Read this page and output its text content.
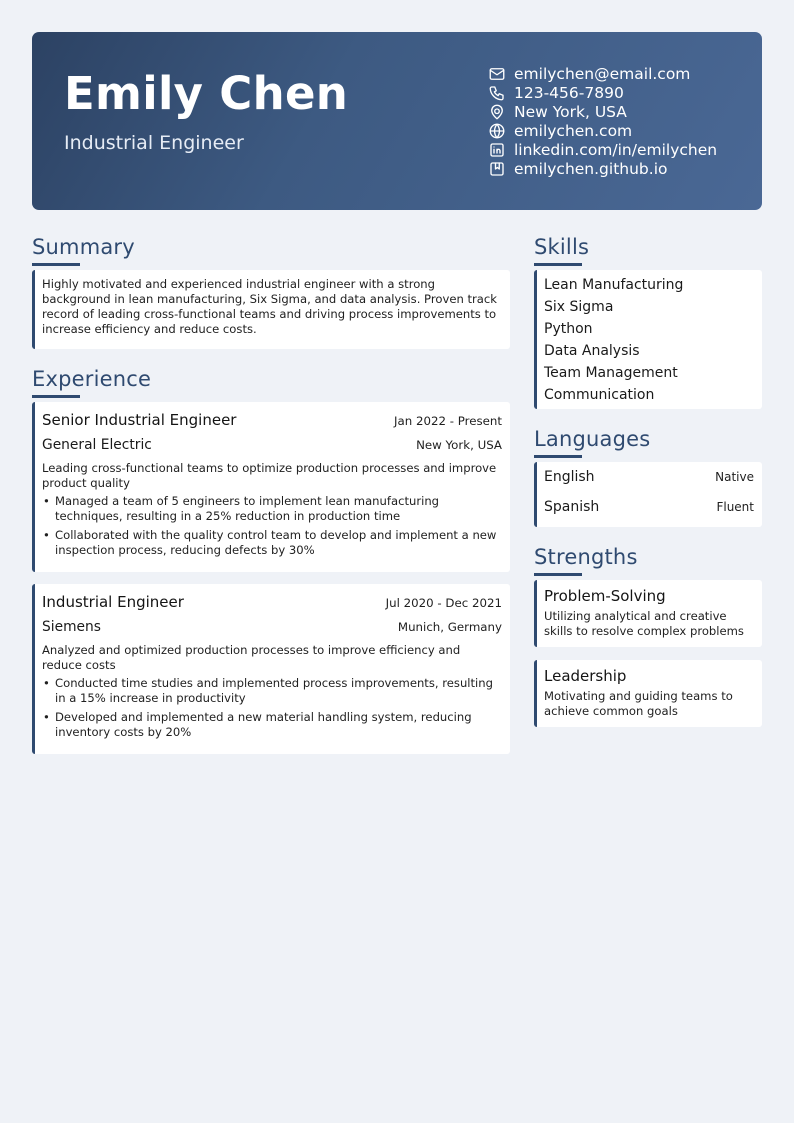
Emily Chen
Industrial Engineer
emilychen@email.com
123-456-7890
New York, USA
emilychen.com
linkedin.com/in/emilychen
emilychen.github.io
Summary
Highly motivated and experienced industrial engineer with a strong background in lean manufacturing, Six Sigma, and data analysis. Proven track record of leading cross-functional teams and driving process improvements to increase efficiency and reduce costs.
Experience
Senior Industrial Engineer	Jan 2022 - Present
General Electric	New York, USA
Leading cross-functional teams to optimize production processes and improve product quality
• Managed a team of 5 engineers to implement lean manufacturing techniques, resulting in a 25% reduction in production time
• Collaborated with the quality control team to develop and implement a new inspection process, reducing defects by 30%
Industrial Engineer	Jul 2020 - Dec 2021
Siemens	Munich, Germany
Analyzed and optimized production processes to improve efficiency and reduce costs
• Conducted time studies and implemented process improvements, resulting in a 15% increase in productivity
• Developed and implemented a new material handling system, reducing inventory costs by 20%
Skills
Lean Manufacturing
Six Sigma
Python
Data Analysis
Team Management
Communication
Languages
English	Native
Spanish	Fluent
Strengths
Problem-Solving
Utilizing analytical and creative skills to resolve complex problems
Leadership
Motivating and guiding teams to achieve common goals
